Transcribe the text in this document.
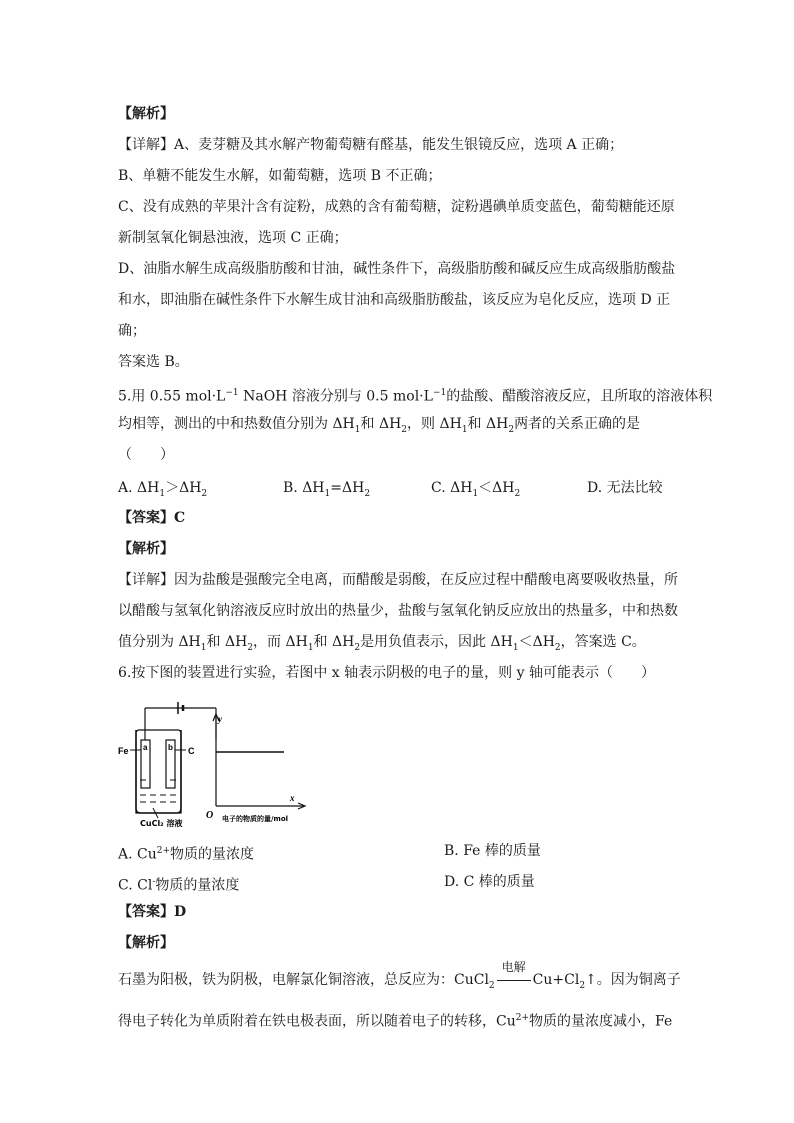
【解析】
【详解】A、麦芽糖及其水解产物葡萄糖有醛基，能发生银镜反应，选项 A 正确；
B、单糖不能发生水解，如葡萄糖，选项 B 不正确；
C、没有成熟的苹果汁含有淀粉，成熟的含有葡萄糖，淀粉遇碘单质变蓝色，葡萄糖能还原
新制氢氧化铜悬浊液，选项 C 正确；
D、油脂水解生成高级脂肪酸和甘油，碱性条件下，高级脂肪酸和碱反应生成高级脂肪酸盐
和水，即油脂在碱性条件下水解生成甘油和高级脂肪酸盐，该反应为皂化反应，选项 D 正
确；
答案选 B。
5.用 0.55 $mol\cdot L^{-1}$ NaOH 溶液分别与 0.5 $mol\cdot L^{-1}$的盐酸、醋酸溶液反应，且所取的溶液体积
均相等，测出的中和热数值分别为 $\Delta H_1$和 $\Delta H_2$，则 $\Delta H_1$和 $\Delta H_2$两者的关系正确的是
（　　）
A. $\Delta H_1>\Delta H_2$	B. $\Delta H_1=\Delta H_2$	C. $\Delta H_1<\Delta H_2$	D. 无法比较
【答案】C
【解析】
【详解】因为盐酸是强酸完全电离，而醋酸是弱酸，在反应过程中醋酸电离要吸收热量，所
以醋酸与氢氧化钠溶液反应时放出的热量少，盐酸与氢氧化钠反应放出的热量多，中和热数
值分别为 $\Delta H_1$和 $\Delta H_2$，而 $\Delta H_1$和 $\Delta H_2$是用负值表示，因此 $\Delta H_1<\Delta H_2$，答案选 C。
6.按下图的装置进行实验，若图中 x 轴表示阴极的电子的量，则 y 轴可能表示（　　）
Fe	C
a	b
CuCl₂ 溶液
y
x
O 电子的物质的量/mol
A. $Cu^{2+}$物质的量浓度	B. Fe 棒的质量
C. Cl-物质的量浓度	D. C 棒的质量
【答案】D
【解析】
石墨为阳极，铁为阴极，电解氯化铜溶液，总反应为：CuCl$_2$
电解
$Cu+Cl_2↑$。因为铜离子
得电子转化为单质附着在铁电极表面，所以随着电子的转移，$Cu^{2+}$物质的量浓度减小，Fe
